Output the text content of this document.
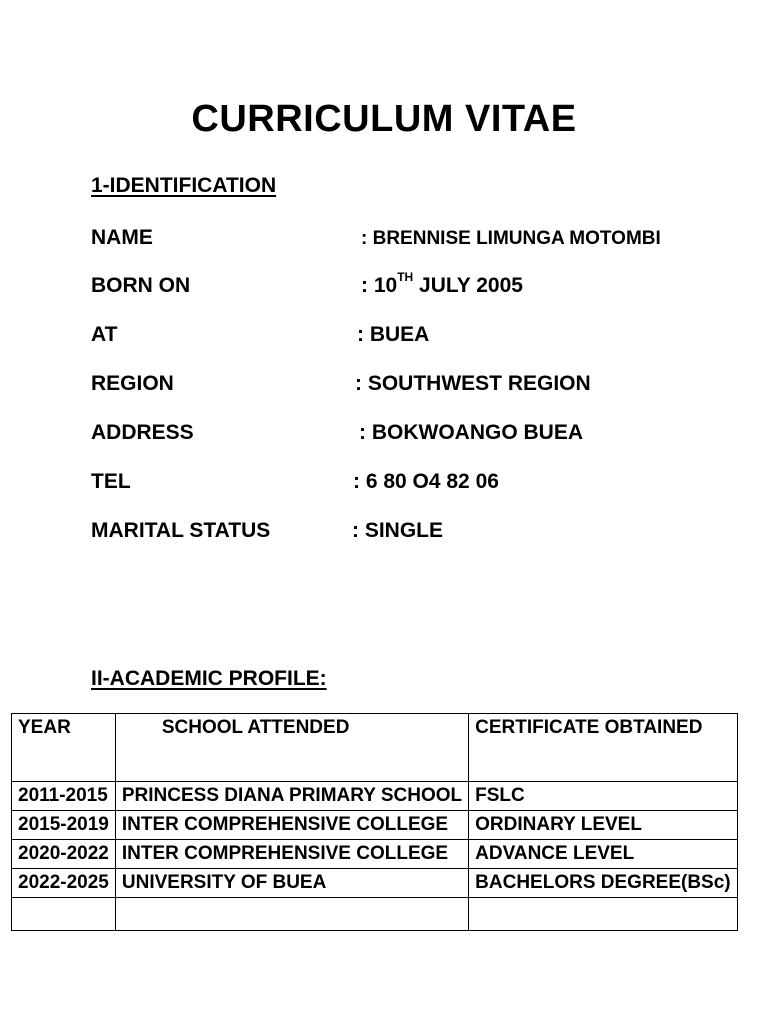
CURRICULUM VITAE
1-IDENTIFICATION
NAME	: BRENNISE LIMUNGA MOTOMBI
BORN ON	: 10TH JULY 2005
AT	: BUEA
REGION	: SOUTHWEST REGION
ADDRESS	: BOKWOANGO BUEA
TEL	: 6 80 O4 82 06
MARITAL STATUS	: SINGLE
II-ACADEMIC PROFILE:
YEAR	SCHOOL ATTENDED	CERTIFICATE OBTAINED
2011-2015	PRINCESS DIANA PRIMARY SCHOOL	FSLC
2015-2019	INTER COMPREHENSIVE COLLEGE	ORDINARY LEVEL
2020-2022	INTER COMPREHENSIVE COLLEGE	ADVANCE LEVEL
2022-2025	UNIVERSITY OF BUEA	BACHELORS DEGREE(BSc)
